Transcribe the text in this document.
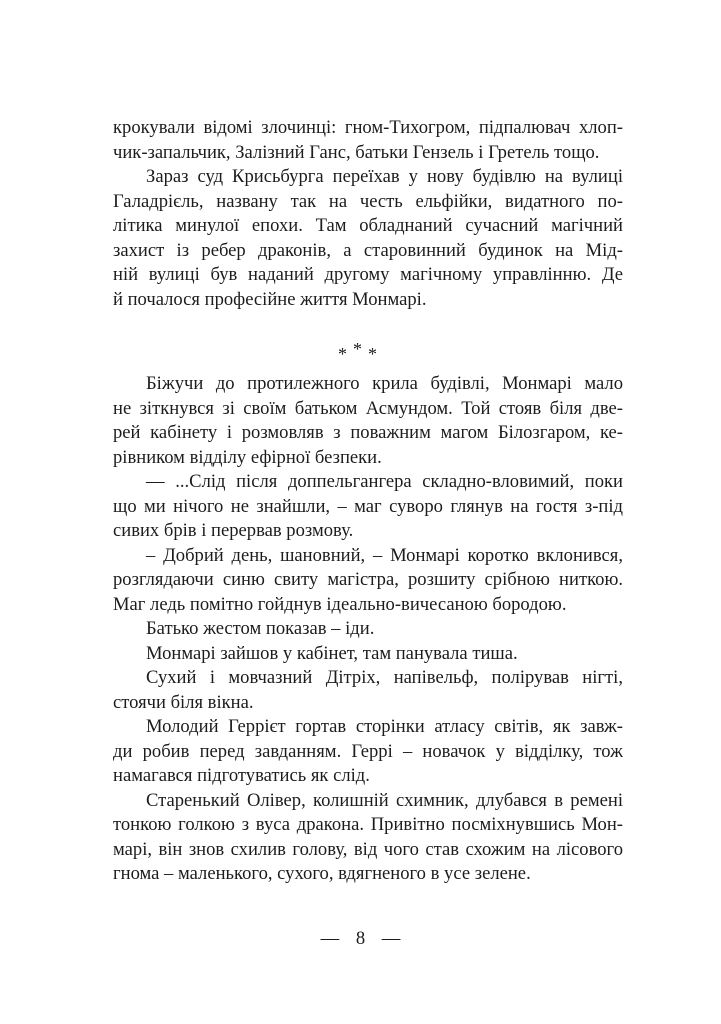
крокували відомі злочинці: гном-Тихогром, підпалювач хлоп-
чик-запальчик, Залізний Ганс, батьки Гензель і Гретель тощо.
Зараз суд Крисьбурга переїхав у нову будівлю на вулиці
Галадрієль, названу так на честь ельфійки, видатного по-
літика минулої епохи. Там обладнаний сучасний магічний
захист із ребер драконів, а старовинний будинок на Мід-
ній вулиці був наданий другому магічному управлінню. Де
й почалося професійне життя Монмарі.
***
Біжучи до протилежного крила будівлі, Монмарі мало
не зіткнувся зі своїм батьком Асмундом. Той стояв біля две-
рей кабінету і розмовляв з поважним магом Білозгаром, ке-
рівником відділу ефірної безпеки.
— ...Слід після доппельгангера складно-вловимий, поки
що ми нічого не знайшли, – маг суворо глянув на гостя з-під
сивих брів і перервав розмову.
– Добрий день, шановний, – Монмарі коротко вклонився,
розглядаючи синю свиту магістра, розшиту срібною ниткою.
Маг ледь помітно гойднув ідеально-вичесаною бородою.
Батько жестом показав – іди.
Монмарі зайшов у кабінет, там панувала тиша.
Сухий і мовчазний Дітріх, напівельф, полірував нігті,
стоячи біля вікна.
Молодий Геррієт гортав сторінки атласу світів, як завж-
ди робив перед завданням. Геррі – новачок у відділку, тож
намагався підготуватись як слід.
Старенький Олівер, колишній схимник, длубався в ремені
тонкою голкою з вуса дракона. Привітно посміхнувшись Мон-
марі, він знов схилив голову, від чого став схожим на лісового
гнома – маленького, сухого, вдягненого в усе зелене.
— 8 —
